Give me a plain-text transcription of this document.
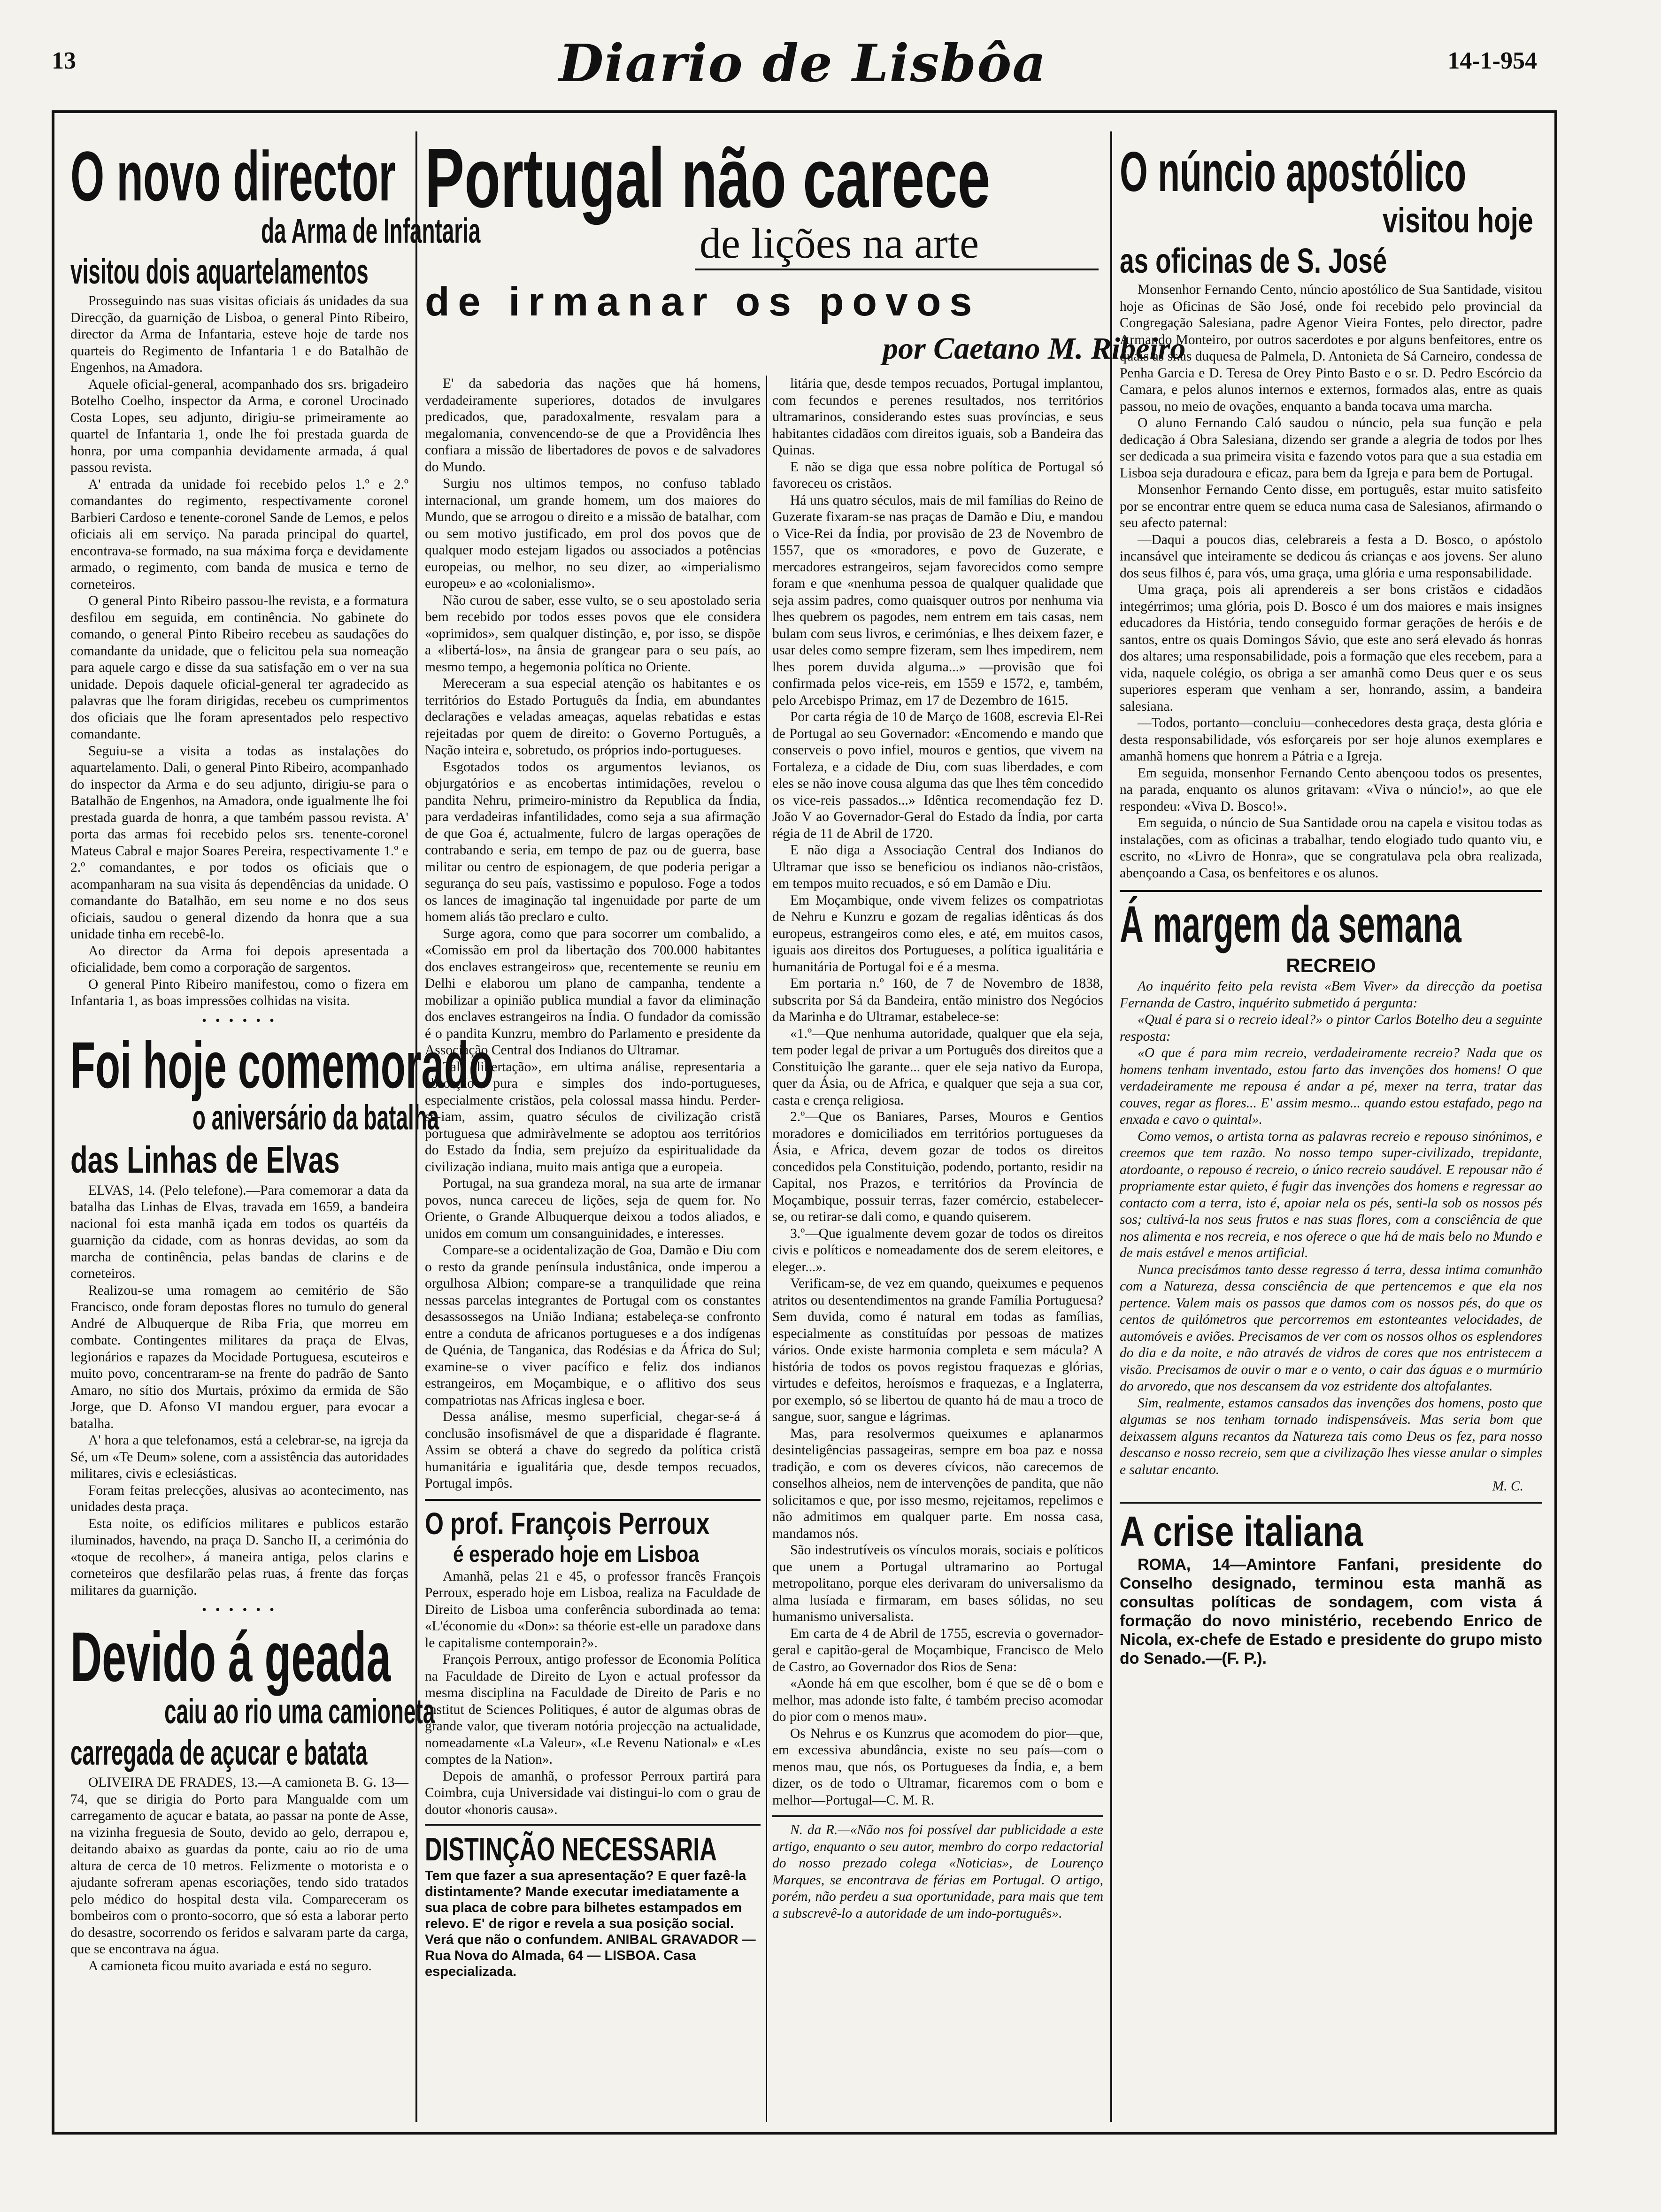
13	Diario de Lisbôa	14-1-954
O novo director
da Arma de Infantaria
visitou dois aquartelamentos

Prosseguindo nas suas visitas oficiais ás unidades da sua Direcção, da guarnição de Lisboa, o general Pinto Ribeiro, director da Arma de Infantaria, esteve hoje de tarde nos quarteis do Regimento de Infantaria 1 e do Batalhão de Engenhos, na Amadora.

Aquele oficial-general, acompanhado dos srs. brigadeiro Botelho Coelho, inspector da Arma, e coronel Urocinado Costa Lopes, seu adjunto, dirigiu-se primeiramente ao quartel de Infantaria 1, onde lhe foi prestada guarda de honra, por uma companhia devidamente armada, á qual passou revista.

A' entrada da unidade foi recebido pelos 1.º e 2.º comandantes do regimento, respectivamente coronel Barbieri Cardoso e tenente-coronel Sande de Lemos, e pelos oficiais ali em serviço. Na parada principal do quartel, encontrava-se formado, na sua máxima força e devidamente armado, o regimento, com banda de musica e terno de corneteiros.

O general Pinto Ribeiro passou-lhe revista, e a formatura desfilou em seguida, em continência. No gabinete do comando, o general Pinto Ribeiro recebeu as saudações do comandante da unidade, que o felicitou pela sua nomeação para aquele cargo e disse da sua satisfação em o ver na sua unidade. Depois daquele oficial-general ter agradecido as palavras que lhe foram dirigidas, recebeu os cumprimentos dos oficiais que lhe foram apresentados pelo respectivo comandante.

Seguiu-se a visita a todas as instalações do aquartelamento. Dali, o general Pinto Ribeiro, acompanhado do inspector da Arma e do seu adjunto, dirigiu-se para o Batalhão de Engenhos, na Amadora, onde igualmente lhe foi prestada guarda de honra, a que também passou revista. A' porta das armas foi recebido pelos srs. tenente-coronel Mateus Cabral e major Soares Pereira, respectivamente 1.º e 2.º comandantes, e por todos os oficiais que o acompanharam na sua visita ás dependências da unidade. O comandante do Batalhão, em seu nome e no dos seus oficiais, saudou o general dizendo da honra que a sua unidade tinha em recebê-lo.

Ao director da Arma foi depois apresentada a oficialidade, bem como a corporação de sargentos.

O general Pinto Ribeiro manifestou, como o fizera em Infantaria 1, as boas impressões colhidas na visita.

• • • • • •
Foi hoje comemorado
o aniversário da batalha
das Linhas de Elvas

ELVAS, 14. (Pelo telefone).—Para comemorar a data da batalha das Linhas de Elvas, travada em 1659, a bandeira nacional foi esta manhã içada em todos os quartéis da guarnição da cidade, com as honras devidas, ao som da marcha de continência, pelas bandas de clarins e de corneteiros.

Realizou-se uma romagem ao cemitério de São Francisco, onde foram depostas flores no tumulo do general André de Albuquerque de Riba Fria, que morreu em combate. Contingentes militares da praça de Elvas, legionários e rapazes da Mocidade Portuguesa, escuteiros e muito povo, concentraram-se na frente do padrão de Santo Amaro, no sítio dos Murtais, próximo da ermida de São Jorge, que D. Afonso VI mandou erguer, para evocar a batalha.

A' hora a que telefonamos, está a celebrar-se, na igreja da Sé, um «Te Deum» solene, com a assistência das autoridades militares, civis e eclesiásticas.

Foram feitas prelecções, alusivas ao acontecimento, nas unidades desta praça.

Esta noite, os edifícios militares e publicos estarão iluminados, havendo, na praça D. Sancho II, a cerimónia do «toque de recolher», á maneira antiga, pelos clarins e corneteiros que desfilarão pelas ruas, á frente das forças militares da guarnição.

• • • • • •
Devido á geada
caiu ao rio uma camioneta
carregada de açucar e batata

OLIVEIRA DE FRADES, 13.—A camioneta B. G. 13—74, que se dirigia do Porto para Mangualde com um carregamento de açucar e batata, ao passar na ponte de Asse, na vizinha freguesia de Souto, devido ao gelo, derrapou e, deitando abaixo as guardas da ponte, caiu ao rio de uma altura de cerca de 10 metros. Felizmente o motorista e o ajudante sofreram apenas escoriações, tendo sido tratados pelo médico do hospital desta vila. Compareceram os bombeiros com o pronto-socorro, que só esta a laborar perto do desastre, socorrendo os feridos e salvaram parte da carga, que se encontrava na água.

A camioneta ficou muito avariada e está no seguro.

Portugal não carece
de lições na arte
de irmanar os povos
por Caetano M. Ribeiro

E' da sabedoria das nações que há homens, verdadeiramente superiores, dotados de invulgares predicados, que, paradoxalmente, resvalam para a megalomania, convencendo-se de que a Providência lhes confiara a missão de libertadores de povos e de salvadores do Mundo.

Surgiu nos ultimos tempos, no confuso tablado internacional, um grande homem, um dos maiores do Mundo, que se arrogou o direito e a missão de batalhar, com ou sem motivo justificado, em prol dos povos que de qualquer modo estejam ligados ou associados a potências europeias, ou melhor, no seu dizer, ao «imperialismo europeu» e ao «colonialismo».

Não curou de saber, esse vulto, se o seu apostolado seria bem recebido por todos esses povos que ele considera «oprimidos», sem qualquer distinção, e, por isso, se dispõe a «libertá-los», na ânsia de grangear para o seu país, ao mesmo tempo, a hegemonia política no Oriente.

Mereceram a sua especial atenção os habitantes e os territórios do Estado Português da Índia, em abundantes declarações e veladas ameaças, aquelas rebatidas e estas rejeitadas por quem de direito: o Governo Português, a Nação inteira e, sobretudo, os próprios indo-portugueses.

Esgotados todos os argumentos levianos, os objurgatórios e as encobertas intimidações, revelou o pandita Nehru, primeiro-ministro da Republica da Índia, para verdadeiras infantilidades, como seja a sua afirmação de que Goa é, actualmente, fulcro de largas operações de contrabando e seria, em tempo de paz ou de guerra, base militar ou centro de espionagem, de que poderia perigar a segurança do seu país, vastissimo e populoso. Foge a todos os lances de imaginação tal ingenuidade por parte de um homem aliás tão preclaro e culto.

Surge agora, como que para socorrer um combalido, a «Comissão em prol da libertação dos 700.000 habitantes dos enclaves estrangeiros» que, recentemente se reuniu em Delhi e elaborou um plano de campanha, tendente a mobilizar a opinião publica mundial a favor da eliminação dos enclaves estrangeiros na Índia. O fundador da comissão é o pandita Kunzru, membro do Parlamento e presidente da Associação Central dos Indianos do Ultramar.

Tal «libertação», em ultima análise, representaria a absorção pura e simples dos indo-portugueses, especialmente cristãos, pela colossal massa hindu. Perder-se-iam, assim, quatro séculos de civilização cristã portuguesa que admiràvelmente se adoptou aos territórios do Estado da Índia, sem prejuízo da espiritualidade da civilização indiana, muito mais antiga que a europeia.

Portugal, na sua grandeza moral, na sua arte de irmanar povos, nunca careceu de lições, seja de quem for. No Oriente, o Grande Albuquerque deixou a todos aliados, e unidos em comum um consanguinidades, e interesses.

Compare-se a ocidentalização de Goa, Damão e Diu com o resto da grande península industânica, onde imperou a orgulhosa Albion; compare-se a tranquilidade que reina nessas parcelas integrantes de Portugal com os constantes desassossegos na União Indiana; estabeleça-se confronto entre a conduta de africanos portugueses e a dos indígenas de Quénia, de Tanganica, das Rodésias e da África do Sul; examine-se o viver pacífico e feliz dos indianos estrangeiros, em Moçambique, e o aflitivo dos seus compatriotas nas Africas inglesa e boer.

Dessa análise, mesmo superficial, chegar-se-á á conclusão insofismável de que a disparidade é flagrante. Assim se obterá a chave do segredo da política cristã humanitária e igualitária que, desde tempos recuados, Portugal impôs.

O prof. François Perroux
é esperado hoje em Lisboa

Amanhã, pelas 21 e 45, o professor francês François Perroux, esperado hoje em Lisboa, realiza na Faculdade de Direito de Lisboa uma conferência subordinada ao tema: «L'économie du «Don»: sa théorie est-elle un paradoxe dans le capitalisme contemporain?».

François Perroux, antigo professor de Economia Política na Faculdade de Direito de Lyon e actual professor da mesma disciplina na Faculdade de Direito de Paris e no Institut de Sciences Politiques, é autor de algumas obras de grande valor, que tiveram notória projecção na actualidade, nomeadamente «La Valeur», «Le Revenu National» e «Les comptes de la Nation».

Depois de amanhã, o professor Perroux partirá para Coimbra, cuja Universidade vai distingui-lo com o grau de doutor «honoris causa».

DISTINÇÃO NECESSARIA
Tem que fazer a sua apresentação? E quer fazê-la distintamente? Mande executar imediatamente a sua placa de cobre para bilhetes estampados em relevo. E' de rigor e revela a sua posição social. Verá que não o confundem. ANIBAL GRAVADOR — Rua Nova do Almada, 64 — LISBOA. Casa especializada.

litária que, desde tempos recuados, Portugal implantou, com fecundos e perenes resultados, nos territórios ultramarinos, considerando estes suas províncias, e seus habitantes cidadãos com direitos iguais, sob a Bandeira das Quinas.

E não se diga que essa nobre política de Portugal só favoreceu os cristãos.

Há uns quatro séculos, mais de mil famílias do Reino de Guzerate fixaram-se nas praças de Damão e Diu, e mandou o Vice-Rei da Índia, por provisão de 23 de Novembro de 1557, que os «moradores, e povo de Guzerate, e mercadores estrangeiros, sejam favorecidos como sempre foram e que «nenhuma pessoa de qualquer qualidade que seja assim padres, como quaisquer outros por nenhuma via lhes quebrem os pagodes, nem entrem em tais casas, nem bulam com seus livros, e cerimónias, e lhes deixem fazer, e usar deles como sempre fizeram, sem lhes impedirem, nem lhes porem duvida alguma...» —provisão que foi confirmada pelos vice-reis, em 1559 e 1572, e, também, pelo Arcebispo Primaz, em 17 de Dezembro de 1615.

Por carta régia de 10 de Março de 1608, escrevia El-Rei de Portugal ao seu Governador: «Encomendo e mando que conserveis o povo infiel, mouros e gentios, que vivem na Fortaleza, e a cidade de Diu, com suas liberdades, e com eles se não inove cousa alguma das que lhes têm concedido os vice-reis passados...» Idêntica recomendação fez D. João V ao Governador-Geral do Estado da Índia, por carta régia de 11 de Abril de 1720.

E não diga a Associação Central dos Indianos do Ultramar que isso se beneficiou os indianos não-cristãos, em tempos muito recuados, e só em Damão e Diu.

Em Moçambique, onde vivem felizes os compatriotas de Nehru e Kunzru e gozam de regalias idênticas ás dos europeus, estrangeiros como eles, e até, em muitos casos, iguais aos direitos dos Portugueses, a política igualitária e humanitária de Portugal foi e é a mesma.

Em portaria n.º 160, de 7 de Novembro de 1838, subscrita por Sá da Bandeira, então ministro dos Negócios da Marinha e do Ultramar, estabelece-se:

«1.º—Que nenhuma autoridade, qualquer que ela seja, tem poder legal de privar a um Português dos direitos que a Constituição lhe garante... quer ele seja nativo da Europa, quer da Ásia, ou de Africa, e qualquer que seja a sua cor, casta e crença religiosa.

2.º—Que os Baniares, Parses, Mouros e Gentios moradores e domiciliados em territórios portugueses da Ásia, e Africa, devem gozar de todos os direitos concedidos pela Constituição, podendo, portanto, residir na Capital, nos Prazos, e territórios da Província de Moçambique, possuir terras, fazer comércio, estabelecer-se, ou retirar-se dali como, e quando quiserem.

3.º—Que igualmente devem gozar de todos os direitos civis e políticos e nomeadamente dos de serem eleitores, e eleger...».

Verificam-se, de vez em quando, queixumes e pequenos atritos ou desentendimentos na grande Família Portuguesa? Sem duvida, como é natural em todas as famílias, especialmente as constituídas por pessoas de matizes vários. Onde existe harmonia completa e sem mácula? A história de todos os povos registou fraquezas e glórias, virtudes e defeitos, heroísmos e fraquezas, e a Inglaterra, por exemplo, só se libertou de quanto há de mau a troco de sangue, suor, sangue e lágrimas.

Mas, para resolvermos queixumes e aplanarmos desinteligências passageiras, sempre em boa paz e nossa tradição, e com os deveres cívicos, não carecemos de conselhos alheios, nem de intervenções de pandita, que não solicitamos e que, por isso mesmo, rejeitamos, repelimos e não admitimos em qualquer parte. Em nossa casa, mandamos nós.

São indestrutíveis os vínculos morais, sociais e políticos que unem a Portugal ultramarino ao Portugal metropolitano, porque eles derivaram do universalismo da alma lusíada e firmaram, em bases sólidas, no seu humanismo universalista.

Em carta de 4 de Abril de 1755, escrevia o governador-geral e capitão-geral de Moçambique, Francisco de Melo de Castro, ao Governador dos Rios de Sena:

«Aonde há em que escolher, bom é que se dê o bom e melhor, mas adonde isto falte, é também preciso acomodar do pior com o menos mau».

Os Nehrus e os Kunzrus que acomodem do pior—que, em excessiva abundância, existe no seu país—com o menos mau, que nós, os Portugueses da Índia, e, a bem dizer, os de todo o Ultramar, ficaremos com o bom e melhor—Portugal—C. M. R.

N. da R.—«Não nos foi possível dar publicidade a este artigo, enquanto o seu autor, membro do corpo redactorial do nosso prezado colega «Noticias», de Lourenço Marques, se encontrava de férias em Portugal. O artigo, porém, não perdeu a sua oportunidade, para mais que tem a subscrevê-lo a autoridade de um indo-português».

O núncio apostólico
visitou hoje
as oficinas de S. José

Monsenhor Fernando Cento, núncio apostólico de Sua Santidade, visitou hoje as Oficinas de São José, onde foi recebido pelo provincial da Congregação Salesiana, padre Agenor Vieira Fontes, pelo director, padre Armando Monteiro, por outros sacerdotes e por alguns benfeitores, entre os quais as sr.as duquesa de Palmela, D. Antonieta de Sá Carneiro, condessa de Penha Garcia e D. Teresa de Orey Pinto Basto e o sr. D. Pedro Escórcio da Camara, e pelos alunos internos e externos, formados alas, entre as quais passou, no meio de ovações, enquanto a banda tocava uma marcha.

O aluno Fernando Caló saudou o núncio, pela sua função e pela dedicação á Obra Salesiana, dizendo ser grande a alegria de todos por lhes ser dedicada a sua primeira visita e fazendo votos para que a sua estadia em Lisboa seja duradoura e eficaz, para bem da Igreja e para bem de Portugal.

Monsenhor Fernando Cento disse, em português, estar muito satisfeito por se encontrar entre quem se educa numa casa de Salesianos, afirmando o seu afecto paternal:

—Daqui a poucos dias, celebrareis a festa a D. Bosco, o apóstolo incansável que inteiramente se dedicou ás crianças e aos jovens. Ser aluno dos seus filhos é, para vós, uma graça, uma glória e uma responsabilidade.

Uma graça, pois ali aprendereis a ser bons cristãos e cidadãos integérrimos; uma glória, pois D. Bosco é um dos maiores e mais insignes educadores da História, tendo conseguido formar gerações de heróis e de santos, entre os quais Domingos Sávio, que este ano será elevado ás honras dos altares; uma responsabilidade, pois a formação que eles recebem, para a vida, naquele colégio, os obriga a ser amanhã como Deus quer e os seus superiores esperam que venham a ser, honrando, assim, a bandeira salesiana.

—Todos, portanto—concluiu—conhecedores desta graça, desta glória e desta responsabilidade, vós esforçareis por ser hoje alunos exemplares e amanhã homens que honrem a Pátria e a Igreja.

Em seguida, monsenhor Fernando Cento abençoou todos os presentes, na parada, enquanto os alunos gritavam: «Viva o núncio!», ao que ele respondeu: «Viva D. Bosco!».

Em seguida, o núncio de Sua Santidade orou na capela e visitou todas as instalações, com as oficinas a trabalhar, tendo elogiado tudo quanto viu, e escrito, no «Livro de Honra», que se congratulava pela obra realizada, abençoando a Casa, os benfeitores e os alunos.

Á margem da semana
RECREIO

Ao inquérito feito pela revista «Bem Viver» da direcção da poetisa Fernanda de Castro, inquérito submetido á pergunta:

«Qual é para si o recreio ideal?» o pintor Carlos Botelho deu a seguinte resposta:

«O que é para mim recreio, verdadeiramente recreio? Nada que os homens tenham inventado, estou farto das invenções dos homens! O que verdadeiramente me repousa é andar a pé, mexer na terra, tratar das couves, regar as flores... E' assim mesmo... quando estou estafado, pego na enxada e cavo o quintal».

Como vemos, o artista torna as palavras recreio e repouso sinónimos, e creemos que tem razão. No nosso tempo super-civilizado, trepidante, atordoante, o repouso é recreio, o único recreio saudável. E repousar não é propriamente estar quieto, é fugir das invenções dos homens e regressar ao contacto com a terra, isto é, apoiar nela os pés, senti-la sob os nossos pés sos; cultivá-la nos seus frutos e nas suas flores, com a consciência de que nos alimenta e nos recreia, e nos oferece o que há de mais belo no Mundo e de mais estável e menos artificial.

Nunca precisámos tanto desse regresso á terra, dessa intima comunhão com a Natureza, dessa consciência de que pertencemos e que ela nos pertence. Valem mais os passos que damos com os nossos pés, do que os centos de quilómetros que percorremos em estonteantes velocidades, de automóveis e aviões. Precisamos de ver com os nossos olhos os esplendores do dia e da noite, e não através de vidros de cores que nos entristecem a visão. Precisamos de ouvir o mar e o vento, o cair das águas e o murmúrio do arvoredo, que nos descansem da voz estridente dos altofalantes.

Sim, realmente, estamos cansados das invenções dos homens, posto que algumas se nos tenham tornado indispensáveis. Mas seria bom que deixassem alguns recantos da Natureza tais como Deus os fez, para nosso descanso e nosso recreio, sem que a civilização lhes viesse anular o simples e salutar encanto.

M. C.
A crise italiana

ROMA, 14—Amintore Fanfani, presidente do Conselho designado, terminou esta manhã as consultas políticas de sondagem, com vista á formação do novo ministério, recebendo Enrico de Nicola, ex-chefe de Estado e presidente do grupo misto do Senado.—(F. P.).
